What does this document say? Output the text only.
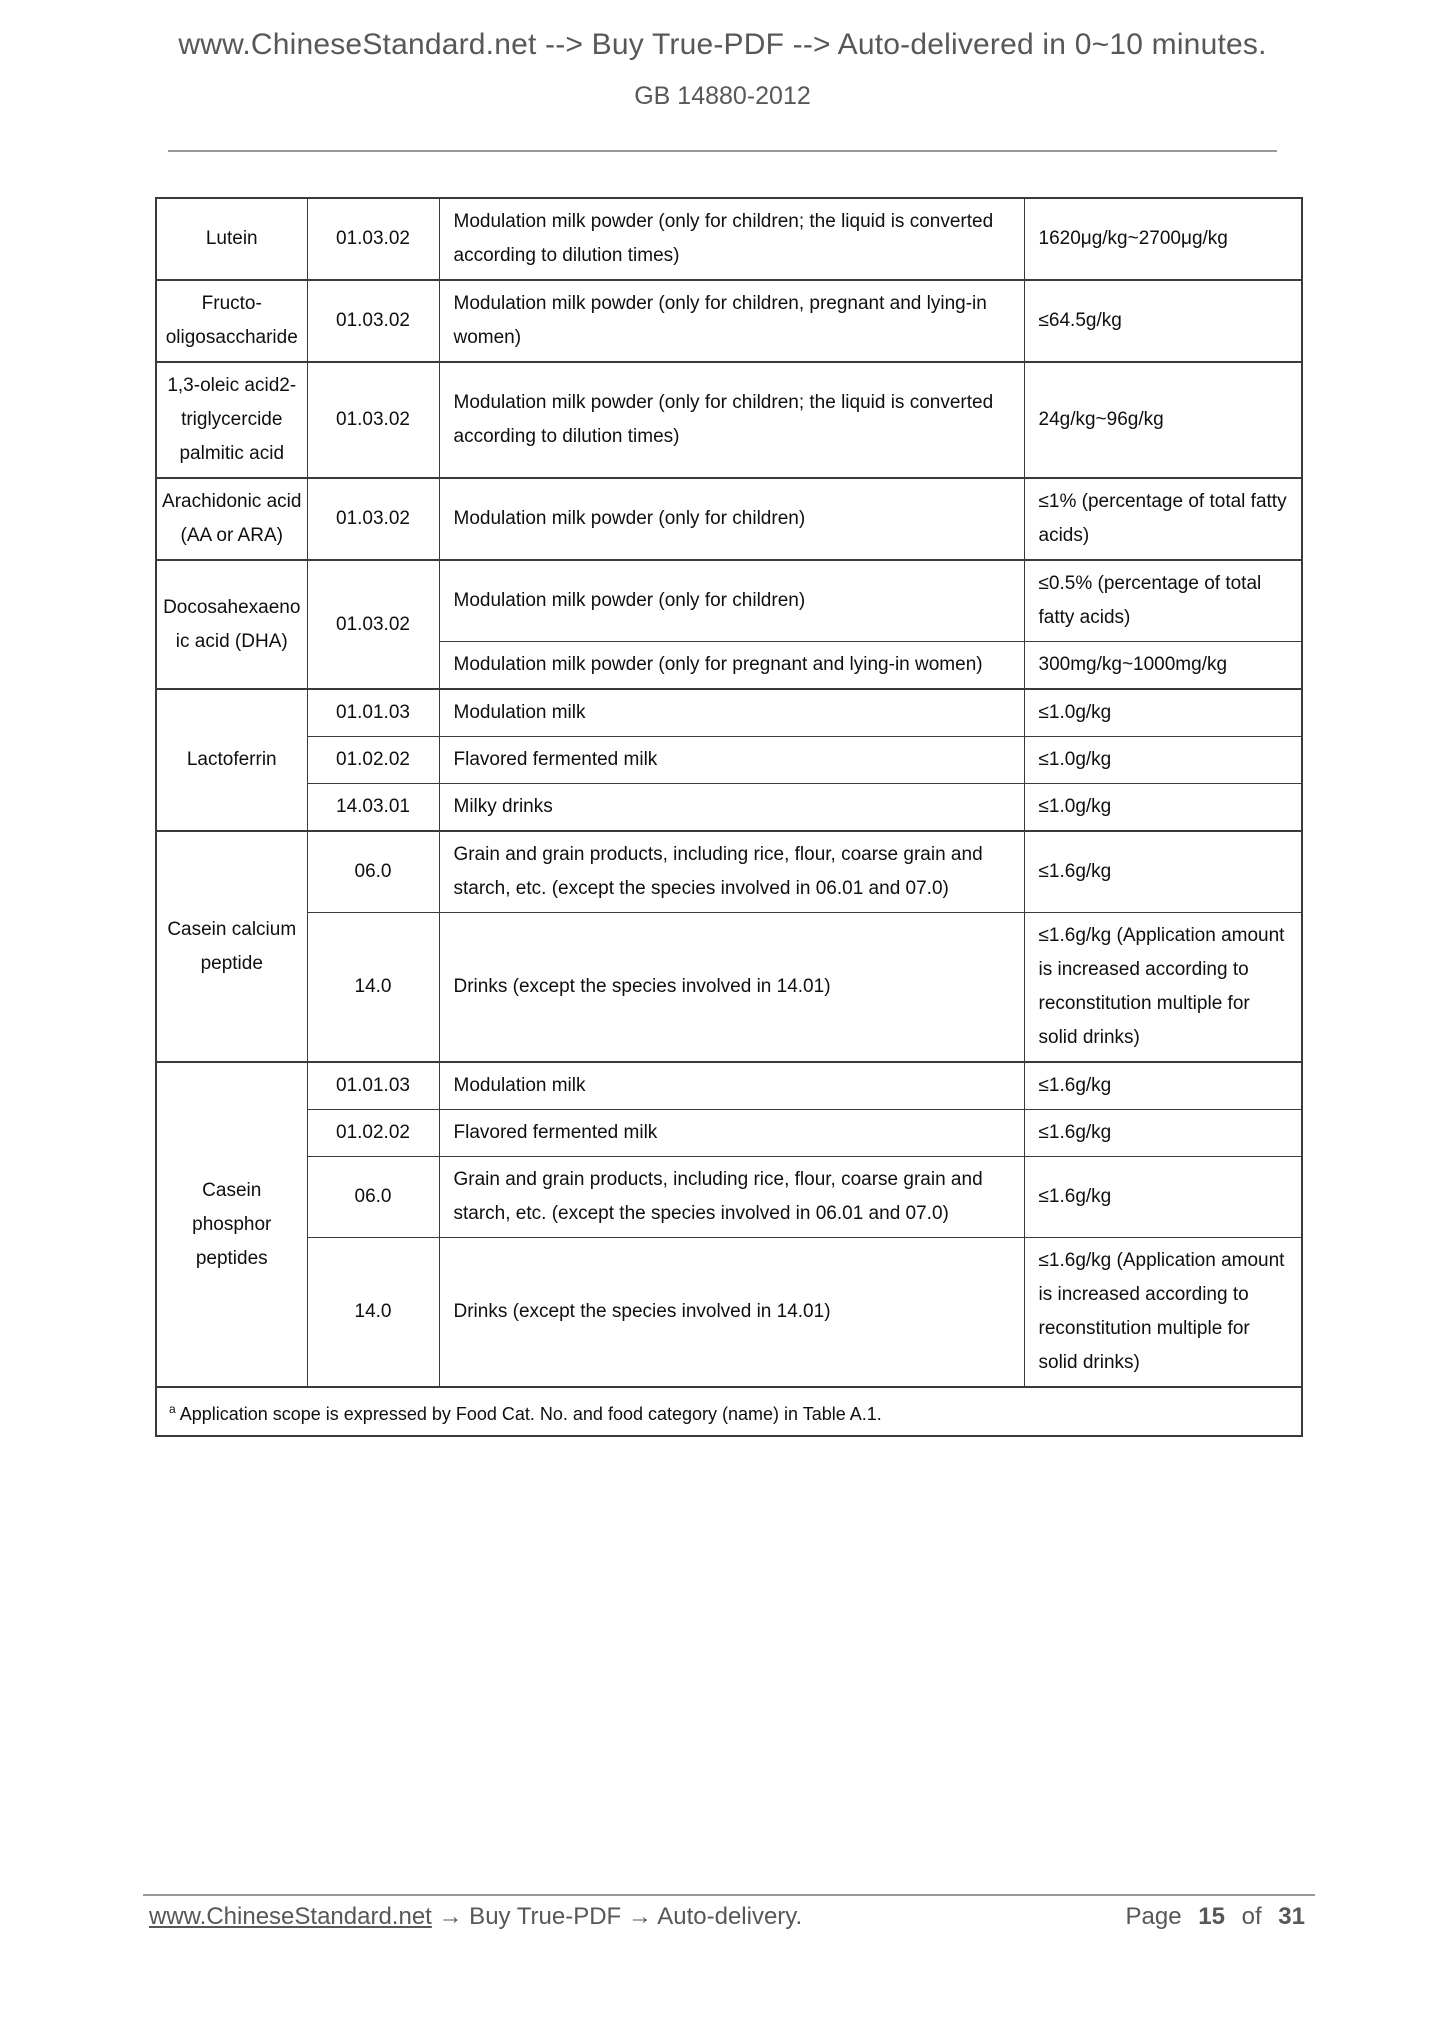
www.ChineseStandard.net --> Buy True-PDF --> Auto-delivered in 0~10 minutes.
GB 14880-2012
Lutein	01.03.02	Modulation milk powder (only for children; the liquid is converted according to dilution times)	1620μg/kg~2700μg/kg
Fructo-oligosaccharide	01.03.02	Modulation milk powder (only for children, pregnant and lying-in women)	≤64.5g/kg
1,3-oleic acid2-triglycercide palmitic acid	01.03.02	Modulation milk powder (only for children; the liquid is converted according to dilution times)	24g/kg~96g/kg
Arachidonic acid (AA or ARA)	01.03.02	Modulation milk powder (only for children)	≤1% (percentage of total fatty acids)
Docosahexaenoic acid (DHA)	01.03.02	Modulation milk powder (only for children)	≤0.5% (percentage of total fatty acids)
		Modulation milk powder (only for pregnant and lying-in women)	300mg/kg~1000mg/kg
Lactoferrin	01.01.03	Modulation milk	≤1.0g/kg
	01.02.02	Flavored fermented milk	≤1.0g/kg
	14.03.01	Milky drinks	≤1.0g/kg
Casein calcium peptide	06.0	Grain and grain products, including rice, flour, coarse grain and starch, etc. (except the species involved in 06.01 and 07.0)	≤1.6g/kg
	14.0	Drinks (except the species involved in 14.01)	≤1.6g/kg (Application amount is increased according to reconstitution multiple for solid drinks)
Casein phosphor peptides	01.01.03	Modulation milk	≤1.6g/kg
	01.02.02	Flavored fermented milk	≤1.6g/kg
	06.0	Grain and grain products, including rice, flour, coarse grain and starch, etc. (except the species involved in 06.01 and 07.0)	≤1.6g/kg
	14.0	Drinks (except the species involved in 14.01)	≤1.6g/kg (Application amount is increased according to reconstitution multiple for solid drinks)
$^a$ Application scope is expressed by Food Cat. No. and food category (name) in Table A.1.			
www.ChineseStandard.net → Buy True-PDF → Auto-delivery.	Page 15 of 31
